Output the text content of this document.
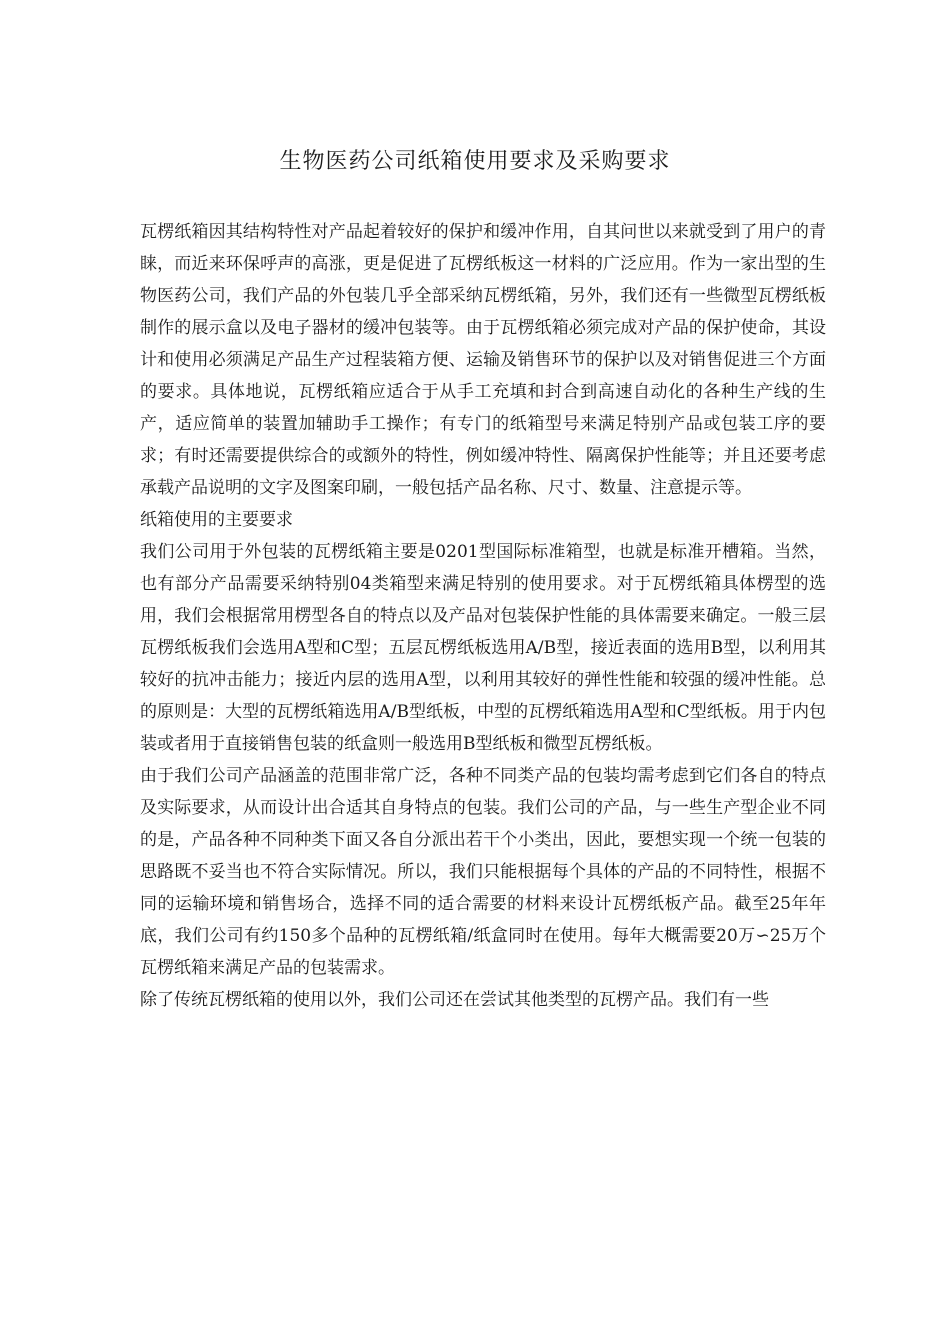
生物医药公司纸箱使用要求及采购要求

瓦楞纸箱因其结构特性对产品起着较好的保护和缓冲作用，自其问世以来就受到了用户的青睐，而近来环保呼声的高涨，更是促进了瓦楞纸板这一材料的广泛应用。作为一家出型的生物医药公司，我们产品的外包装几乎全部采纳瓦楞纸箱，另外，我们还有一些微型瓦楞纸板制作的展示盒以及电子器材的缓冲包装等。由于瓦楞纸箱必须完成对产品的保护使命，其设计和使用必须满足产品生产过程装箱方便、运输及销售环节的保护以及对销售促进三个方面的要求。具体地说，瓦楞纸箱应适合于从手工充填和封合到高速自动化的各种生产线的生产，适应简单的装置加辅助手工操作；有专门的纸箱型号来满足特别产品或包装工序的要求；有时还需要提供综合的或额外的特性，例如缓冲特性、隔离保护性能等；并且还要考虑承载产品说明的文字及图案印刷，一般包括产品名称、尺寸、数量、注意提示等。

纸箱使用的主要要求

我们公司用于外包装的瓦楞纸箱主要是0201型国际标准箱型，也就是标准开槽箱。当然，也有部分产品需要采纳特别04类箱型来满足特别的使用要求。对于瓦楞纸箱具体楞型的选用，我们会根据常用楞型各自的特点以及产品对包装保护性能的具体需要来确定。一般三层瓦楞纸板我们会选用A型和C型；五层瓦楞纸板选用A/B型，接近表面的选用B型，以利用其较好的抗冲击能力；接近内层的选用A型，以利用其较好的弹性性能和较强的缓冲性能。总的原则是：大型的瓦楞纸箱选用A/B型纸板，中型的瓦楞纸箱选用A型和C型纸板。用于内包装或者用于直接销售包装的纸盒则一般选用B型纸板和微型瓦楞纸板。

由于我们公司产品涵盖的范围非常广泛，各种不同类产品的包装均需考虑到它们各自的特点及实际要求，从而设计出合适其自身特点的包装。我们公司的产品，与一些生产型企业不同的是，产品各种不同种类下面又各自分派出若干个小类出，因此，要想实现一个统一包装的思路既不妥当也不符合实际情况。所以，我们只能根据每个具体的产品的不同特性，根据不同的运输环境和销售场合，选择不同的适合需要的材料来设计瓦楞纸板产品。截至25年年底，我们公司有约150多个品种的瓦楞纸箱/纸盒同时在使用。每年大概需要20万∽25万个瓦楞纸箱来满足产品的包装需求。

除了传统瓦楞纸箱的使用以外，我们公司还在尝试其他类型的瓦楞产品。我们有一些
